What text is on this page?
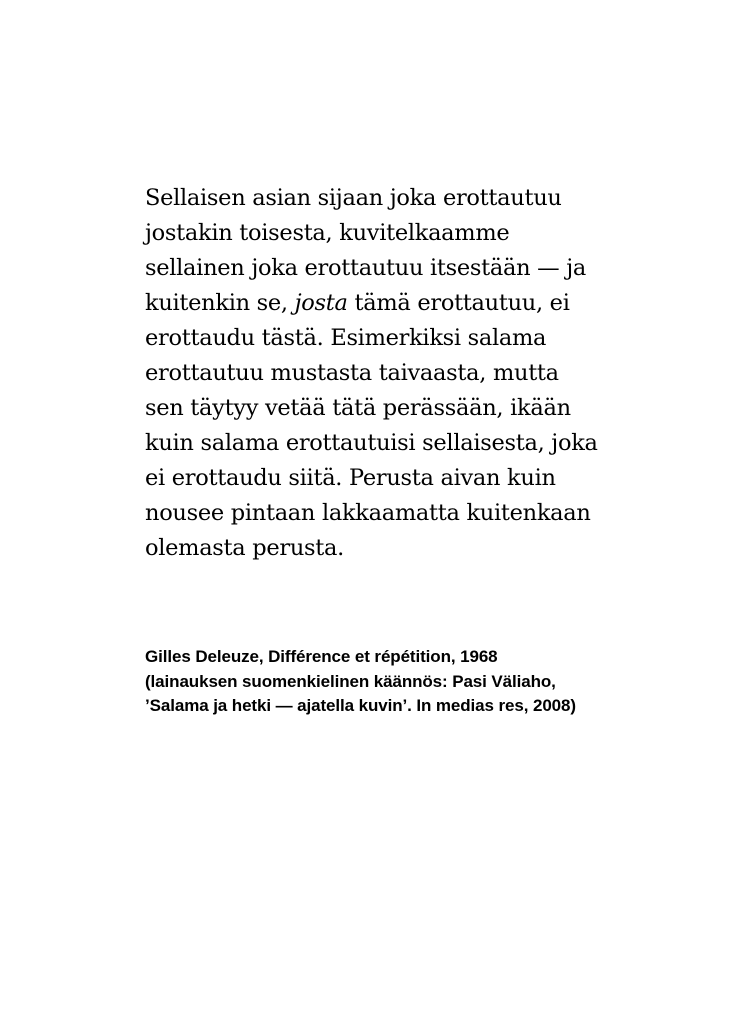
Sellaisen asian sijaan joka erottautuu
jostakin toisesta, kuvitelkaamme
sellainen joka erottautuu itsestään — ja
kuitenkin se, josta tämä erottautuu, ei
erottaudu tästä. Esimerkiksi salama
erottautuu mustasta taivaasta, mutta
sen täytyy vetää tätä perässään, ikään
kuin salama erottautuisi sellaisesta, joka
ei erottaudu siitä. Perusta aivan kuin
nousee pintaan lakkaamatta kuitenkaan
olemasta perusta.
Gilles Deleuze, Différence et répétition, 1968
(lainauksen suomenkielinen käännös: Pasi Väliaho,
’Salama ja hetki — ajatella kuvin’. In medias res, 2008)
